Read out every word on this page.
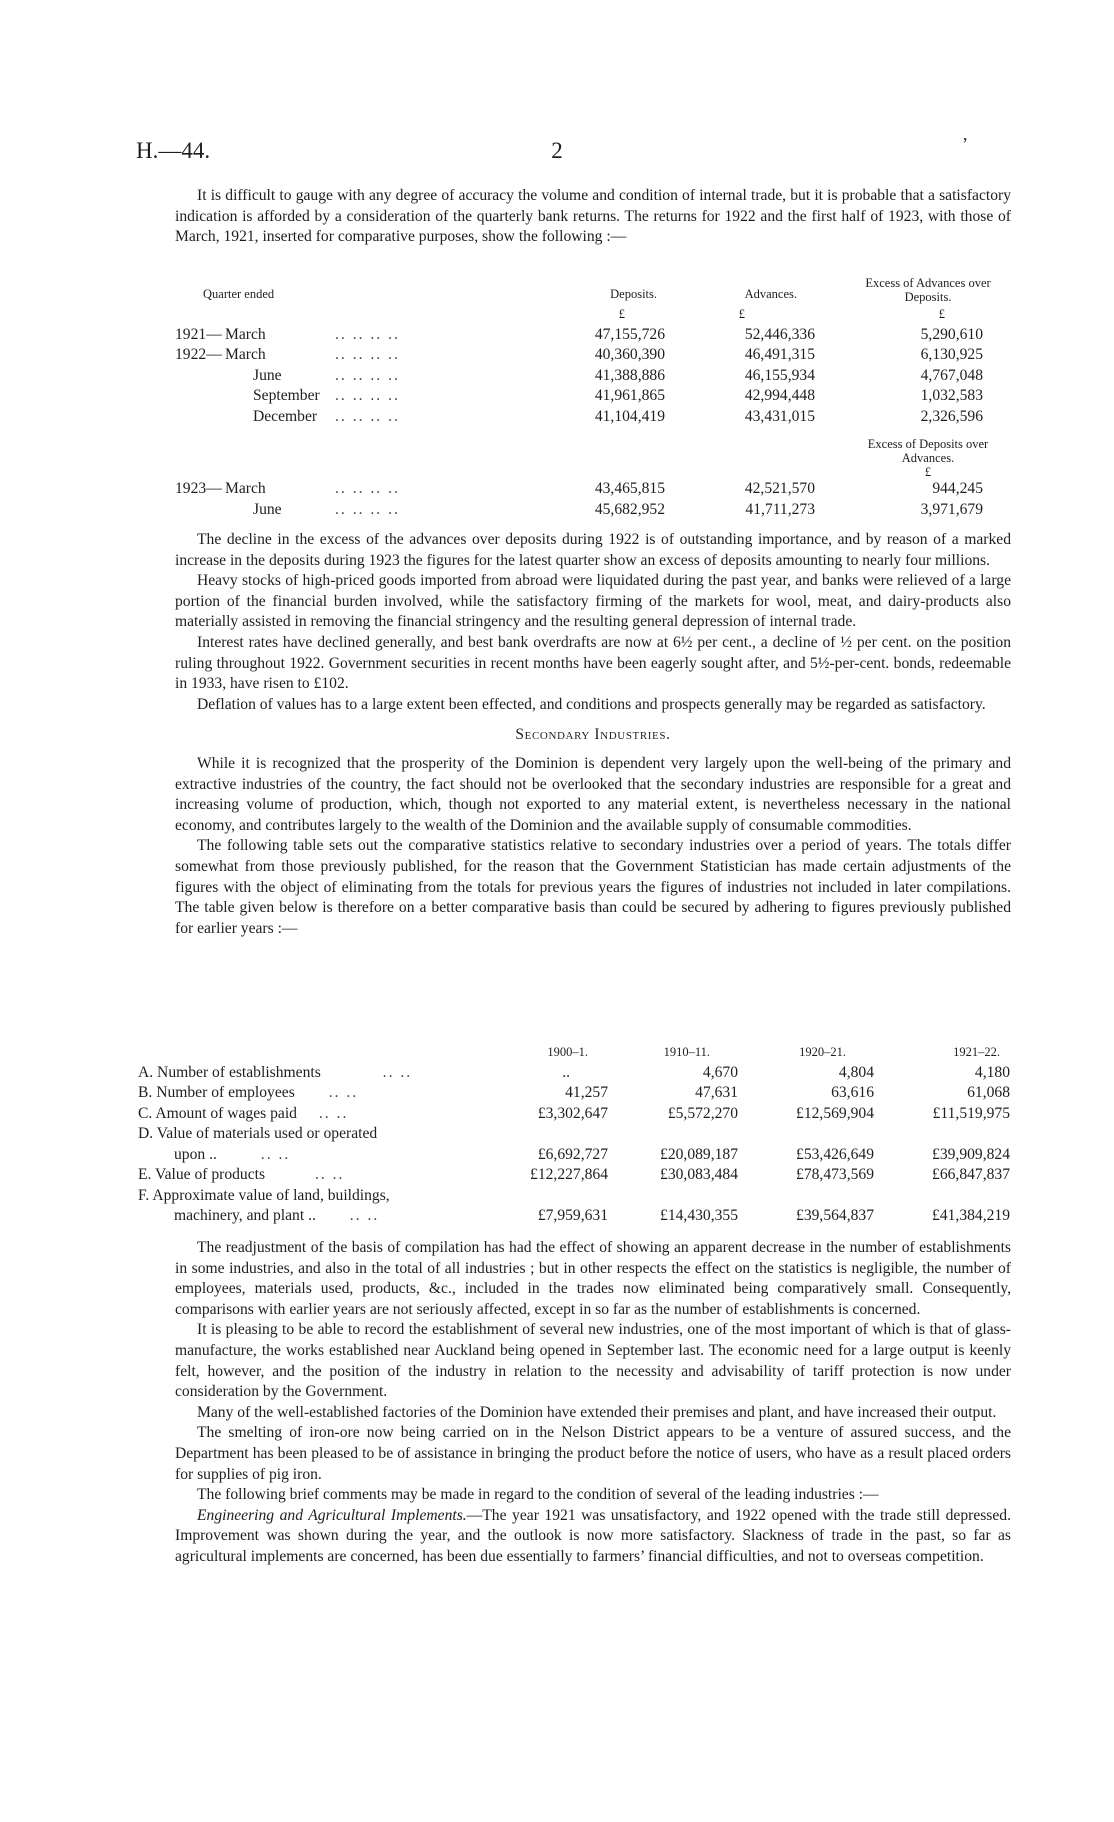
H.—44.	2	’

It is difficult to gauge with any degree of accuracy the volume and condition of internal trade, but it is probable that a satisfactory indication is afforded by a consideration of the quarterly bank returns. The returns for 1922 and the first half of 1923, with those of March, 1921, inserted for comparative purposes, show the following :—

Quarter ended			Deposits.	Advances.	Excess of Advances over Deposits.
			£	£	£
1921—	March	.. .. .. ..	47,155,726	52,446,336	5,290,610
1922—	March	.. .. .. ..	40,360,390	46,491,315	6,130,925
	June	.. .. .. ..	41,388,886	46,155,934	4,767,048
	September	.. .. .. ..	41,961,865	42,994,448	1,032,583
	December	.. .. .. ..	41,104,419	43,431,015	2,326,596
					Excess of Deposits over Advances.
£
1923—	March	.. .. .. ..	43,465,815	42,521,570	944,245
	June	.. .. .. ..	45,682,952	41,711,273	3,971,679

The decline in the excess of the advances over deposits during 1922 is of outstanding importance, and by reason of a marked increase in the deposits during 1923 the figures for the latest quarter show an excess of deposits amounting to nearly four millions.

Heavy stocks of high-priced goods imported from abroad were liquidated during the past year, and banks were relieved of a large portion of the financial burden involved, while the satisfactory firming of the markets for wool, meat, and dairy-products also materially assisted in removing the financial stringency and the resulting general depression of internal trade.

Interest rates have declined generally, and best bank overdrafts are now at 6½ per cent., a decline of ½ per cent. on the position ruling throughout 1922. Government securities in recent months have been eagerly sought after, and 5½-per-cent. bonds, redeemable in 1933, have risen to £102.

Deflation of values has to a large extent been effected, and conditions and prospects generally may be regarded as satisfactory.

Secondary Industries.

While it is recognized that the prosperity of the Dominion is dependent very largely upon the well-being of the primary and extractive industries of the country, the fact should not be overlooked that the secondary industries are responsible for a great and increasing volume of production, which, though not exported to any material extent, is nevertheless necessary in the national economy, and contributes largely to the wealth of the Dominion and the available supply of consumable commodities.

The following table sets out the comparative statistics relative to secondary industries over a period of years. The totals differ somewhat from those previously published, for the reason that the Government Statistician has made certain adjustments of the figures with the object of eliminating from the totals for previous years the figures of industries not included in later compilations. The table given below is therefore on a better comparative basis than could be secured by adhering to figures previously published for earlier years :—

	1900–1.	1910–11.	1920–21.	1921–22.
A. Number of establishments .. ..	..	4,670	4,804	4,180
B. Number of employees .. ..	41,257	47,631	63,616	61,068
C. Amount of wages paid .. ..	£3,302,647	£5,572,270	£12,569,904	£11,519,975
D. Value of materials used or operated				
upon .. .. ..	£6,692,727	£20,089,187	£53,426,649	£39,909,824
E. Value of products .. ..	£12,227,864	£30,083,484	£78,473,569	£66,847,837
F. Approximate value of land, buildings,				
machinery, and plant .. .. ..	£7,959,631	£14,430,355	£39,564,837	£41,384,219

The readjustment of the basis of compilation has had the effect of showing an apparent decrease in the number of establishments in some industries, and also in the total of all industries ; but in other respects the effect on the statistics is negligible, the number of employees, materials used, products, &c., included in the trades now eliminated being comparatively small. Consequently, comparisons with earlier years are not seriously affected, except in so far as the number of establishments is concerned.

It is pleasing to be able to record the establishment of several new industries, one of the most important of which is that of glass-manufacture, the works established near Auckland being opened in September last. The economic need for a large output is keenly felt, however, and the position of the industry in relation to the necessity and advisability of tariff protection is now under consideration by the Government.

Many of the well-established factories of the Dominion have extended their premises and plant, and have increased their output.

The smelting of iron-ore now being carried on in the Nelson District appears to be a venture of assured success, and the Department has been pleased to be of assistance in bringing the product before the notice of users, who have as a result placed orders for supplies of pig iron.

The following brief comments may be made in regard to the condition of several of the leading industries :—

Engineering and Agricultural Implements.—The year 1921 was unsatisfactory, and 1922 opened with the trade still depressed. Improvement was shown during the year, and the outlook is now more satisfactory. Slackness of trade in the past, so far as agricultural implements are concerned, has been due essentially to farmers’ financial difficulties, and not to overseas competition.
